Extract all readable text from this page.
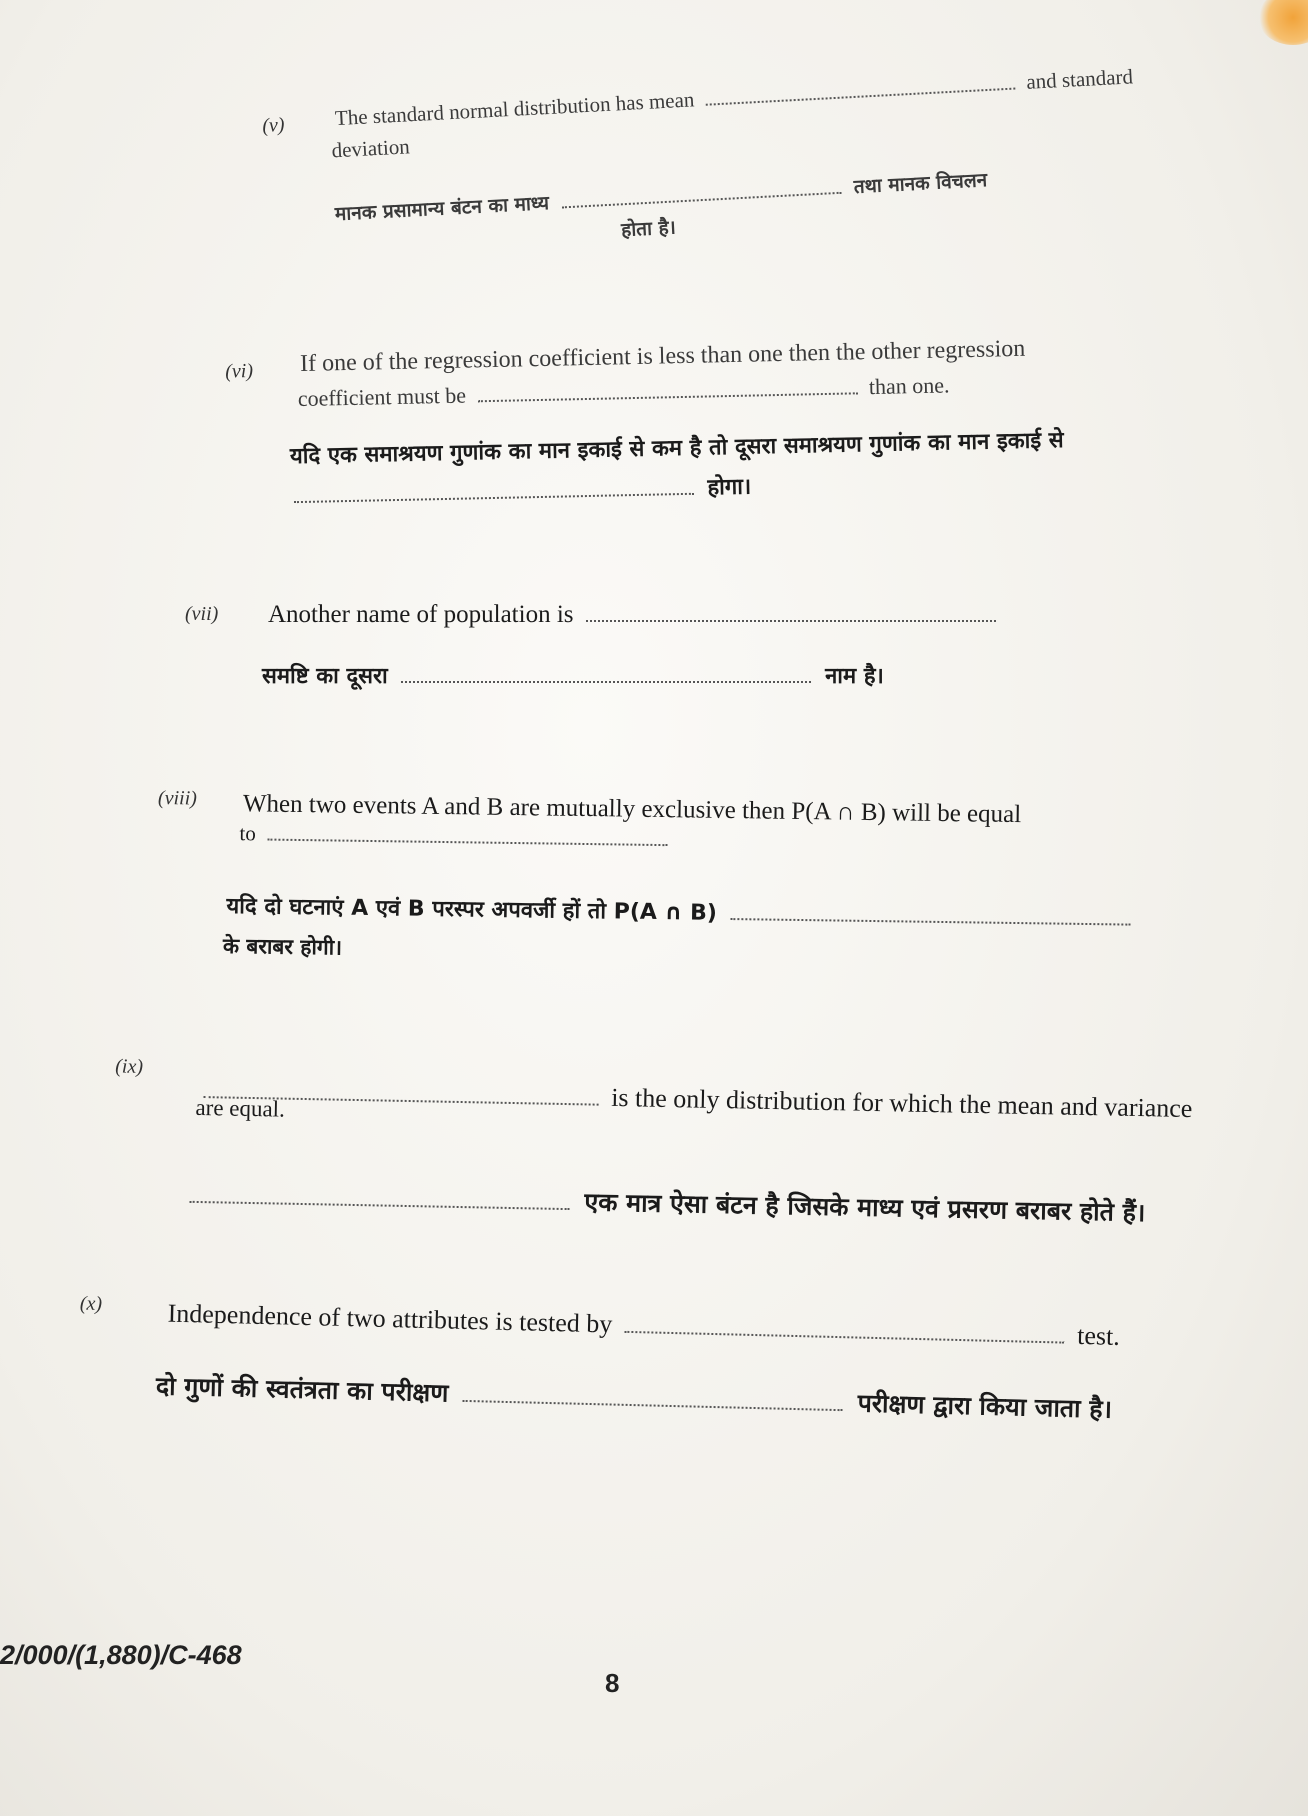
(v) The standard normal distribution has mean  and standard
deviation
मानक प्रसामान्य बंटन का माध्य  तथा मानक विचलन
होता है।
(vi) If one of the regression coefficient is less than one then the other regression
coefficient must be	than one.
यदि एक समाश्रयण गुणांक का मान इकाई से कम है तो दूसरा समाश्रयण गुणांक का मान इकाई से
होगा।
(vii) Another name of population is
समष्टि का दूसरा	नाम है।
(viii) When two events A and B are mutually exclusive then P(A ∩ B) will be equal
to
यदि दो घटनाएं A एवं B परस्पर अपवर्जी हों तो P(A ∩ B)
के बराबर होगी।
(ix)
is the only distribution for which the mean and variance
are equal.
एक मात्र ऐसा बंटन है जिसके माध्य एवं प्रसरण बराबर होते हैं।
(x) Independence of two attributes is tested by	test.
दो गुणों की स्वतंत्रता का परीक्षण	परीक्षण द्वारा किया जाता है।
2/000/(1,880)/C-468
8
